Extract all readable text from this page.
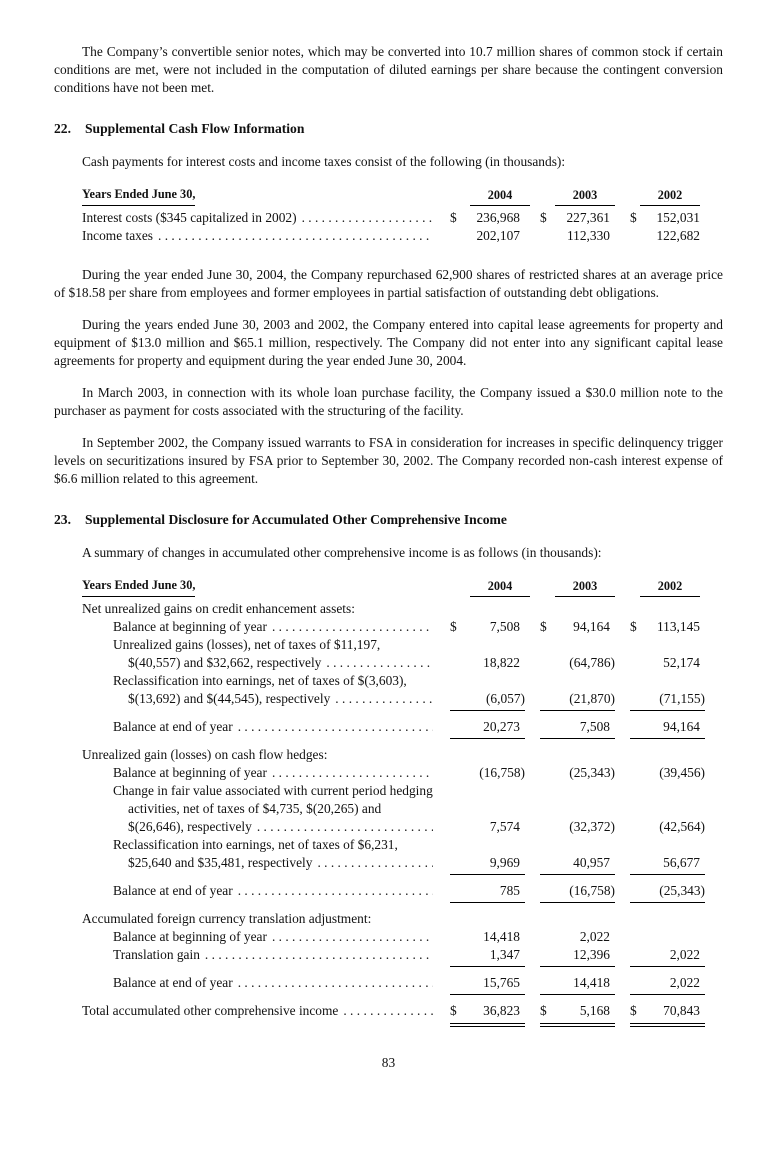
The Company’s convertible senior notes, which may be converted into 10.7 million shares of common stock if certain conditions are met, were not included in the computation of diluted earnings per share because the contingent conversion conditions have not been met.

22.	Supplemental Cash Flow Information

Cash payments for interest costs and income taxes consist of the following (in thousands):

Years Ended June 30,	2004	2003	2002
Interest costs ($345 capitalized in 2002) . . .	$ 236,968 $ 227,361 $ 152,031
Income taxes . . .	202,107	112,330	122,682

During the year ended June 30, 2004, the Company repurchased 62,900 shares of restricted shares at an average price of $18.58 per share from employees and former employees in partial satisfaction of outstanding debt obligations.

During the years ended June 30, 2003 and 2002, the Company entered into capital lease agreements for property and equipment of $13.0 million and $65.1 million, respectively. The Company did not enter into any significant capital lease agreements for property and equipment during the year ended June 30, 2004.

In March 2003, in connection with its whole loan purchase facility, the Company issued a $30.0 million note to the purchaser as payment for costs associated with the structuring of the facility.

In September 2002, the Company issued warrants to FSA in consideration for increases in specific delinquency trigger levels on securitizations insured by FSA prior to September 30, 2002. The Company recorded non-cash interest expense of $6.6 million related to this agreement.

23.	Supplemental Disclosure for Accumulated Other Comprehensive Income

A summary of changes in accumulated other comprehensive income is as follows (in thousands):

Years Ended June 30,	2004	2003	2002
Net unrealized gains on credit enhancement assets:
Balance at beginning of year . . .	$ 7,508 $ 94,164 $ 113,145
Unrealized gains (losses), net of taxes of $11,197,
$(40,557) and $32,662, respectively . . .	18,822	(64,786)	52,174
Reclassification into earnings, net of taxes of $(3,603),
$(13,692) and $(44,545), respectively . . .	(6,057)	(21,870)	(71,155)
Balance at end of year . . .	20,273	7,508	94,164
Unrealized gain (losses) on cash flow hedges:
Balance at beginning of year . . .	(16,758)	(25,343)	(39,456)
Change in fair value associated with current period hedging
activities, net of taxes of $4,735, $(20,265) and
$(26,646), respectively . . .	7,574	(32,372)	(42,564)
Reclassification into earnings, net of taxes of $6,231,
$25,640 and $35,481, respectively . . .	9,969	40,957	56,677
Balance at end of year . . .	785	(16,758)	(25,343)
Accumulated foreign currency translation adjustment:
Balance at beginning of year . . .	14,418	2,022
Translation gain . . .	1,347	12,396	2,022
Balance at end of year . . .	15,765	14,418	2,022
Total accumulated other comprehensive income . . .	$ 36,823 $ 5,168 $ 70,843
83
